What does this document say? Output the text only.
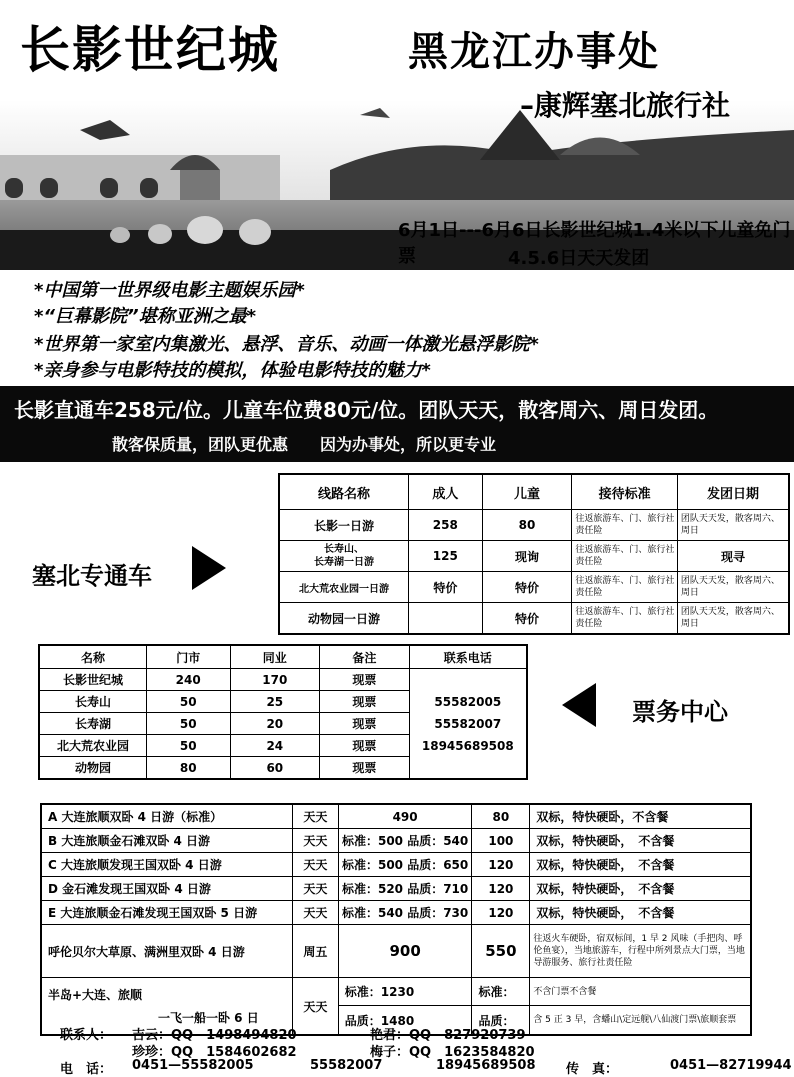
长影世纪城	黑龙江办事处
–康辉塞北旅行社
6月1日---6月6日长影世纪城1.4米以下儿童免门票	4.5.6日天天发团
*中国第一世界级电影主题娱乐园*
*“巨幕影院”堪称亚洲之最*
*世界第一家室内集激光、悬浮、音乐、动画一体激光悬浮影院*
*亲身参与电影特技的模拟，体验电影特技的魅力*
长影直通车258元/位。儿童车位费80元/位。团队天天，散客周六、周日发团。
散客保质量，团队更优惠　　因为办事处，所以更专业
塞北专通车
线路名称	成人	儿童	接待标准	发团日期
长影一日游	258	80	往返旅游车、门、旅行社责任险	团队天天发，散客周六、周日
长寿山、
长寿湖一日游	125	现询	往返旅游车、门、旅行社责任险	现寻
北大荒农业园一日游	特价	特价	往返旅游车、门、旅行社责任险	团队天天发，散客周六、周日
动物园一日游		特价	往返旅游车、门、旅行社责任险	团队天天发，散客周六、周日
名称	门市	同业	备注	联系电话
长影世纪城	240	170	现票	55582005
55582007
18945689508

长寿山	50	25	现票	
长寿湖	50	20	现票	
北大荒农业园	50	24	现票	
动物园	80	60	现票	
票务中心
A 大连旅顺双卧 4 日游（标准）	天天	490	80	双标，特快硬卧，不含餐
B 大连旅顺金石滩双卧 4 日游	天天	标准：500 品质：540	100	双标，特快硬卧，　不含餐
C 大连旅顺发现王国双卧 4 日游	天天	标准：500 品质：650	120	双标，特快硬卧，　不含餐
D 金石滩发现王国双卧 4 日游	天天	标准：520 品质：710	120	双标，特快硬卧，　不含餐
E 大连旅顺金石滩发现王国双卧 5 日游	天天	标准：540 品质：730	120	双标，特快硬卧，　不含餐
呼伦贝尔大草原、满洲里双卧 4 日游	周五	900	550	往返火车硬卧，宿双标间，1 早 2 风味（手把肉、呼伦鱼宴），当地旅游车，行程中所列景点大门票，当地导游服务、旅行社责任险

半岛+大连、旅顺
一飞一船一卧 6 日	天天	标准：1230	标准：	不含门票不含餐
		品质：1480	品质：	含 5 正 3 早，含蟠山\定远舰\八仙渡门票\旅顺套票
联系人： 吉云：QQ　1498494820
珍珍：QQ　1584602682
艳君：QQ　827920739
梅子：QQ　1623584820
电　话： 0451—55582005	55582007	18945689508 传　真：	0451—82719944
